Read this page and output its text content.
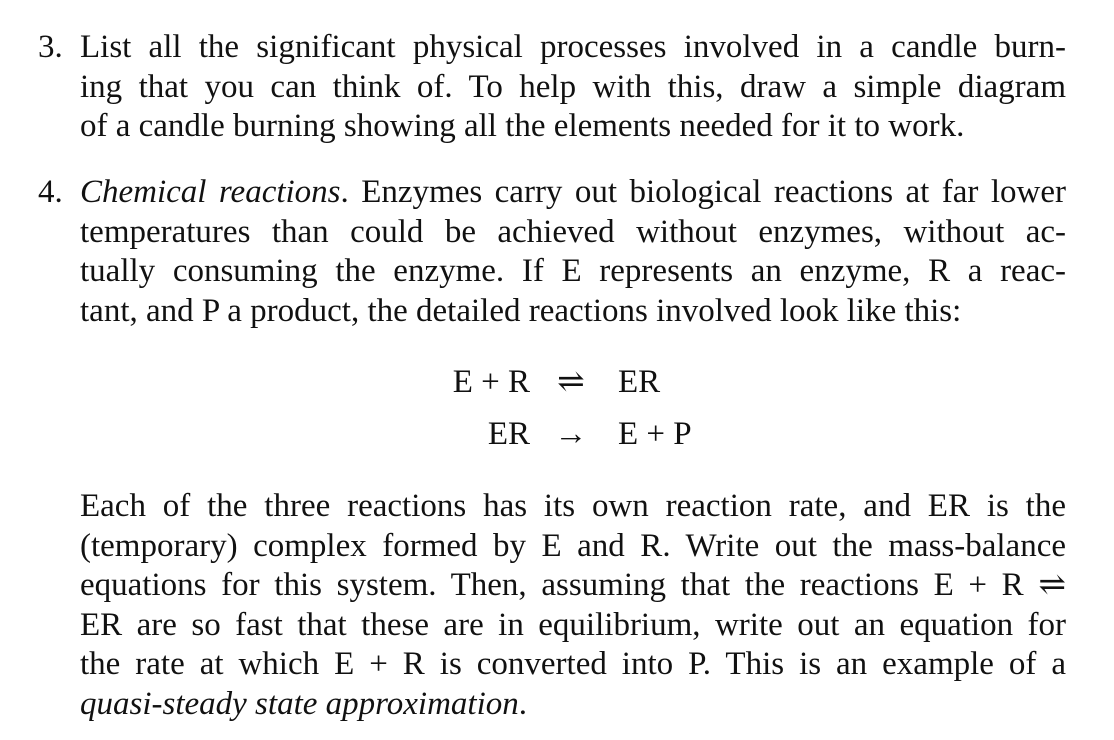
3. List all the significant physical processes involved in a candle burn-
ing that you can think of. To help with this, draw a simple diagram
of a candle burning showing all the elements needed for it to work.
4. Chemical reactions. Enzymes carry out biological reactions at far lower
temperatures than could be achieved without enzymes, without ac-
tually consuming the enzyme. If E represents an enzyme, R a reac-
tant, and P a product, the detailed reactions involved look like this:
E + R ⇌ ER
ER → E + P
Each of the three reactions has its own reaction rate, and ER is the
(temporary) complex formed by E and R. Write out the mass-balance
equations for this system. Then, assuming that the reactions E + R ⇌
ER are so fast that these are in equilibrium, write out an equation for
the rate at which E + R is converted into P. This is an example of a
quasi-steady state approximation.
